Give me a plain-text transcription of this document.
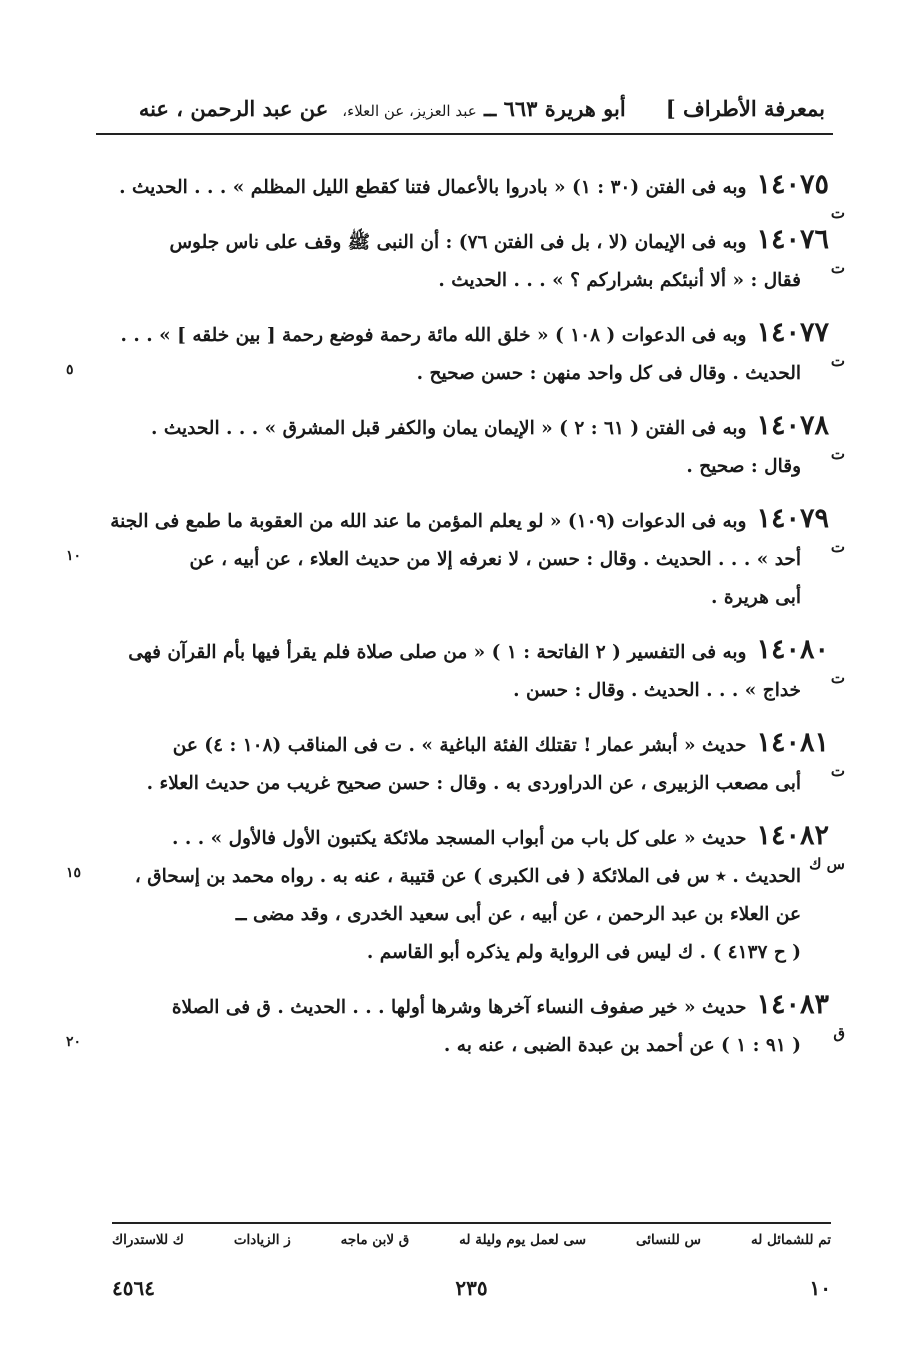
بمعرفة الأطراف ]
أبو هريرة ٦٦٣ ــ عبد العزيز، عن العلاء،
عن عبد الرحمن ، عنه
١٤٠٧٥وبه فى الفتن (٣٠ : ١) « بادروا بالأعمال فتنا كقطع الليل المظلم » . . . الحديث .
ت
١٤٠٧٦وبه فى الإيمان (لا ، بل فى الفتن ٧٦) : أن النبى ﷺ وقف على ناس جلوس
فقال : « ألا أنبئكم بشراركم ؟ » . . . الحديث .
ت
١٤٠٧٧وبه فى الدعوات ( ١٠٨ ) « خلق الله مائة رحمة فوضع رحمة [ بين خلقه ] » . . .
الحديث . وقال فى كل واحد منهن : حسن صحيح .
ت
٥
١٤٠٧٨وبه فى الفتن ( ٦١ : ٢ ) « الإيمان يمان والكفر قبل المشرق » . . . الحديث .
وقال : صحيح .
ت
١٤٠٧٩وبه فى الدعوات (١٠٩) « لو يعلم المؤمن ما عند الله من العقوبة ما طمع فى الجنة
أحد » . . . الحديث . وقال : حسن ، لا نعرفه إلا من حديث العلاء ، عن أبيه ، عن
أبى هريرة .
ت
١٠
١٤٠٨٠وبه فى التفسير ( ٢ الفاتحة : ١ ) « من صلى صلاة فلم يقرأ فيها بأم القرآن فهى
خداج » . . . الحديث . وقال : حسن .
ت
١٤٠٨١حديث « أبشر عمار ! تقتلك الفئة الباغية » . ت فى المناقب (١٠٨ : ٤) عن
أبى مصعب الزبيرى ، عن الدراوردى به . وقال : حسن صحيح غريب من حديث العلاء .
ت
١٤٠٨٢حديث « على كل باب من أبواب المسجد ملائكة يكتبون الأول فالأول » . . .
الحديث . ٭ س فى الملائكة ( فى الكبرى ) عن قتيبة ، عنه به . رواه محمد بن إسحاق ،
عن العلاء بن عبد الرحمن ، عن أبيه ، عن أبى سعيد الخدرى ، وقد مضى ــ
( ح ٤١٣٧ ) . ك ليس فى الرواية ولم يذكره أبو القاسم .
س ك
١٥
١٤٠٨٣حديث « خير صفوف النساء آخرها وشرها أولها . . . الحديث . ق فى الصلاة
( ٩١ : ١ ) عن أحمد بن عبدة الضبى ، عنه به .
ق
٢٠
تم للشمائل له
س للنسائى
سى لعمل يوم وليلة له
ق لابن ماجه
ز الزيادات
ك للاستدراك
١٠
٢٣٥
٤٥٦٤
